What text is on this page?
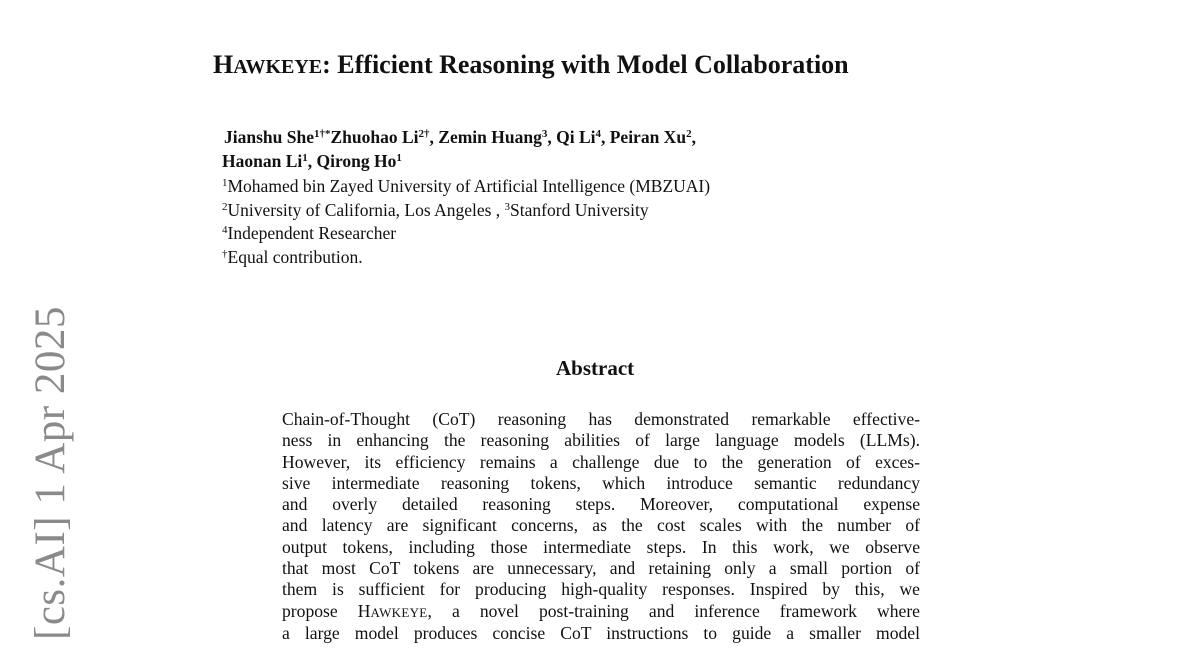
[cs.AI] 1 Apr 2025
HAWKEYE: Efficient Reasoning with Model Collaboration
Jianshu She$^{1\dagger*}$Zhuohao $Li^{2\dagger}$, Zemin Huang$^3$, Qi Li$^4$, Peiran Xu$^2$,
Haonan Li$^1$, Qirong Ho$^1$
$^1$Mohamed bin Zayed University of Artificial Intelligence (MBZUAI)
$^2$University of California, Los Angeles , $^3$Stanford University
$^4$Independent Researcher
†Equal contribution.
Abstract
Chain-of-Thought (CoT) reasoning has demonstrated remarkable effective-
ness in enhancing the reasoning abilities of large language models (LLMs).
However, its efficiency remains a challenge due to the generation of exces-
sive intermediate reasoning tokens, which introduce semantic redundancy
and overly detailed reasoning steps. Moreover, computational expense
and latency are significant concerns, as the cost scales with the number of
output tokens, including those intermediate steps. In this work, we observe
that most CoT tokens are unnecessary, and retaining only a small portion of
them is sufficient for producing high-quality responses. Inspired by this, we
propose HAWKEYE, a novel post-training and inference framework where
a large model produces concise CoT instructions to guide a smaller model
